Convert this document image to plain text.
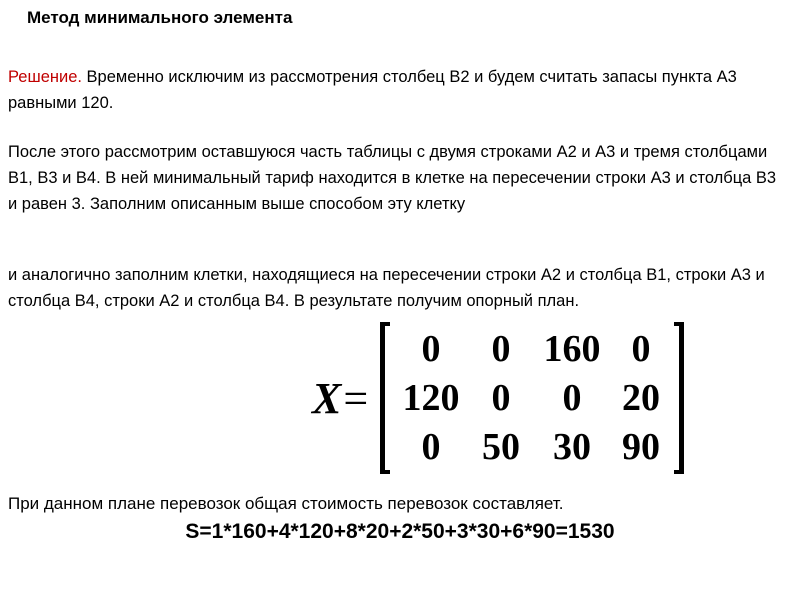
Метод минимального элемента
Решение. Временно исключим из рассмотрения столбец В2 и будем считать запасы пункта А3 равными 120.
После этого рассмотрим оставшуюся часть таблицы с двумя строками А2 и А3 и тремя столбцами В1, В3 и В4. В ней минимальный тариф находится в клетке на пересечении строки А3 и столбца В3 и равен 3. Заполним описанным выше способом эту клетку
и аналогично заполним клетки, находящиеся на пересечении строки А2 и столбца В1, строки А3 и столбца В4, строки А2 и столбца В4. В результате получим опорный план.
X=
0	0 160 0
120 0	0	20
0	50 30 90
При данном плане перевозок общая стоимость перевозок составляет.
S=1*160+4*120+8*20+2*50+3*30+6*90=1530
